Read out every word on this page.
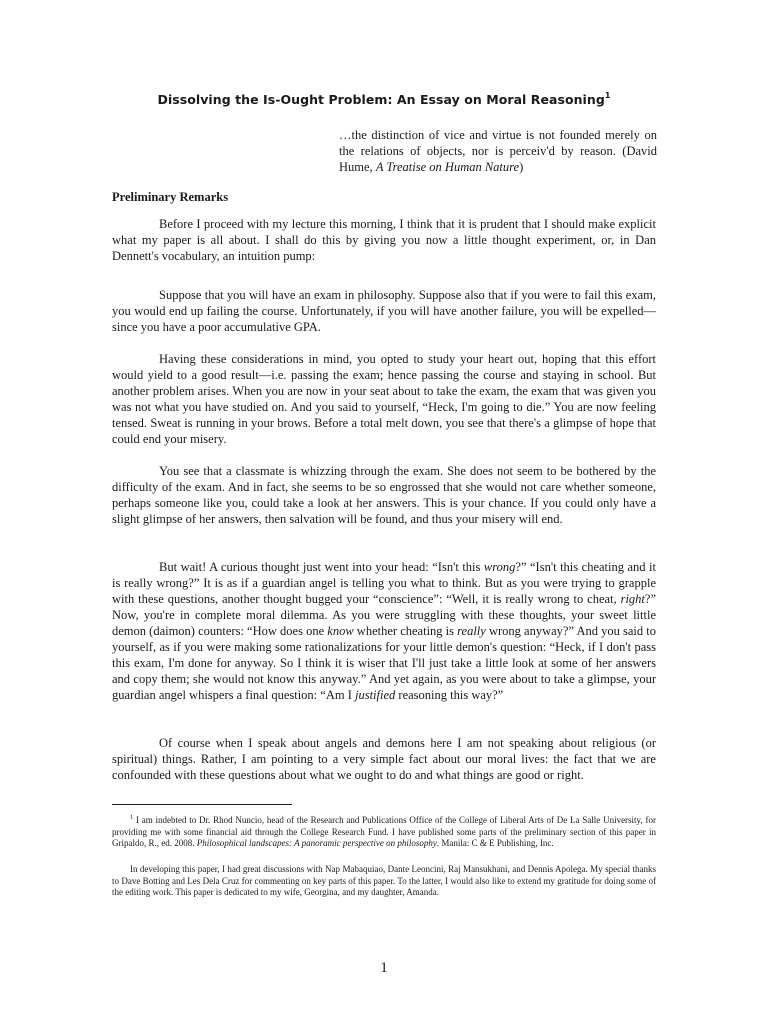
Dissolving the Is-Ought Problem: An Essay on Moral Reasoning$^1$
…the distinction of vice and virtue is not founded merely on the relations of objects, nor is perceiv'd by reason. (David Hume, A Treatise on Human Nature)
Preliminary Remarks

Before I proceed with my lecture this morning, I think that it is prudent that I should make explicit what my paper is all about. I shall do this by giving you now a little thought experiment, or, in Dan Dennett's vocabulary, an intuition pump:

Suppose that you will have an exam in philosophy. Suppose also that if you were to fail this exam, you would end up failing the course. Unfortunately, if you will have another failure, you will be expelled—since you have a poor accumulative GPA.

Having these considerations in mind, you opted to study your heart out, hoping that this effort would yield to a good result—i.e. passing the exam; hence passing the course and staying in school. But another problem arises. When you are now in your seat about to take the exam, the exam that was given you was not what you have studied on. And you said to yourself, “Heck, I'm going to die.” You are now feeling tensed. Sweat is running in your brows. Before a total melt down, you see that there's a glimpse of hope that could end your misery.

You see that a classmate is whizzing through the exam. She does not seem to be bothered by the difficulty of the exam. And in fact, she seems to be so engrossed that she would not care whether someone, perhaps someone like you, could take a look at her answers. This is your chance. If you could only have a slight glimpse of her answers, then salvation will be found, and thus your misery will end.

But wait! A curious thought just went into your head: “Isn't this wrong?” “Isn't this cheating and it is really wrong?” It is as if a guardian angel is telling you what to think. But as you were trying to grapple with these questions, another thought bugged your “conscience”: “Well, it is really wrong to cheat, right?” Now, you're in complete moral dilemma. As you were struggling with these thoughts, your sweet little demon (daimon) counters: “How does one know whether cheating is really wrong anyway?” And you said to yourself, as if you were making some rationalizations for your little demon's question: “Heck, if I don't pass this exam, I'm done for anyway. So I think it is wiser that I'll just take a little look at some of her answers and copy them; she would not know this anyway.” And yet again, as you were about to take a glimpse, your guardian angel whispers a final question: “Am I justified reasoning this way?”

Of course when I speak about angels and demons here I am not speaking about religious (or spiritual) things. Rather, I am pointing to a very simple fact about our moral lives: the fact that we are confounded with these questions about what we ought to do and what things are good or right.

$^1$ I am indebted to Dr. Rhod Nuncio, head of the Research and Publications Office of the College of Liberal Arts of De La Salle University, for providing me with some financial aid through the College Research Fund. I have published some parts of the preliminary section of this paper in Gripaldo, R., ed. 2008. Philosophical landscapes: A panoramic perspective on philosophy. Manila: C & E Publishing, Inc.

In developing this paper, I had great discussions with Nap Mabaquiao, Dante Leoncini, Raj Mansukhani, and Dennis Apolega. My special thanks to Dave Botting and Les Dela Cruz for commenting on key parts of this paper. To the latter, I would also like to extend my gratitude for doing some of the editing work. This paper is dedicated to my wife, Georgina, and my daughter, Amanda.

1
